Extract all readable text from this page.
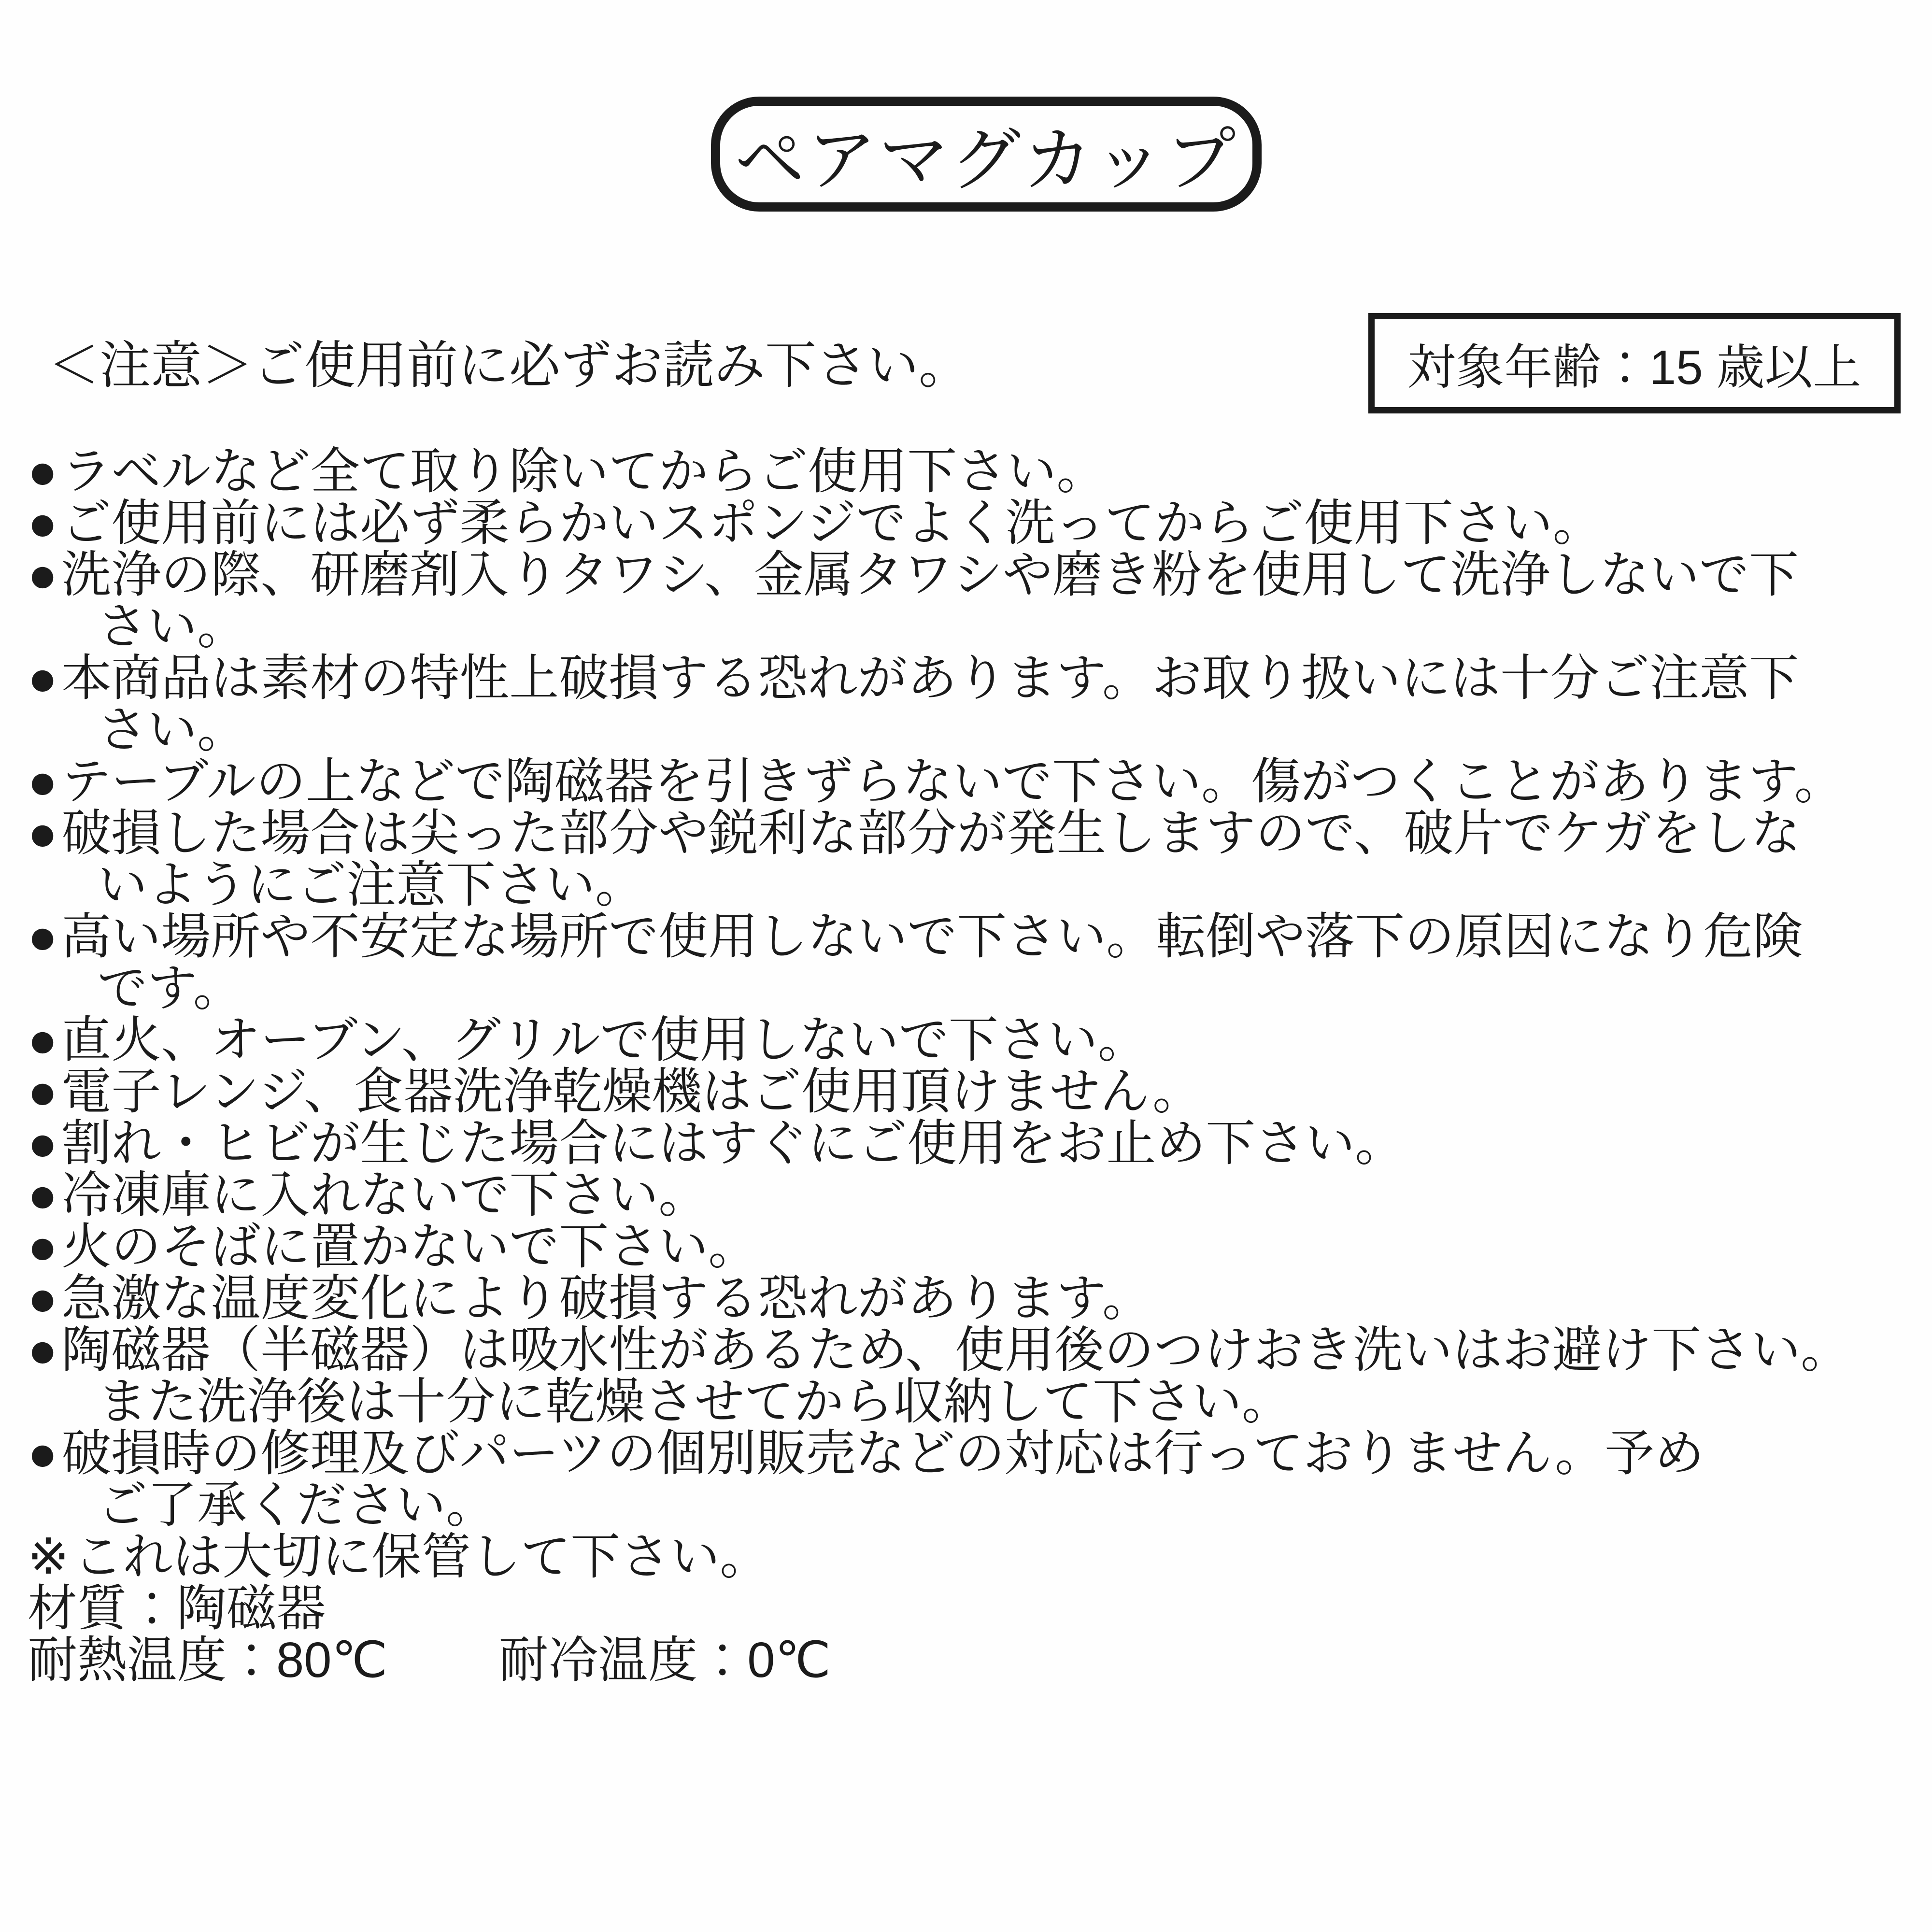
ペアマグカップ
＜注意＞ご使用前に必ずお読み下さい。	対象年齢：15 歳以上
●ラベルなど全て取り除いてからご使用下さい。
●ご使用前には必ず柔らかいスポンジでよく洗ってからご使用下さい。
●洗浄の際、研磨剤入りタワシ、金属タワシや磨き粉を使用して洗浄しないで下
さい。
●本商品は素材の特性上破損する恐れがあります。お取り扱いには十分ご注意下
さい。
●テーブルの上などで陶磁器を引きずらないで下さい。傷がつくことがあります。
●破損した場合は尖った部分や鋭利な部分が発生しますので、破片でケガをしな
いようにご注意下さい。
●高い場所や不安定な場所で使用しないで下さい。転倒や落下の原因になり危険
です。
●直火、オーブン、グリルで使用しないで下さい。
●電子レンジ、食器洗浄乾燥機はご使用頂けません。
●割れ・ヒビが生じた場合にはすぐにご使用をお止め下さい。
●冷凍庫に入れないで下さい。
●火のそばに置かないで下さい。
●急激な温度変化により破損する恐れがあります。
●陶磁器（半磁器）は吸水性があるため、使用後のつけおき洗いはお避け下さい。
また洗浄後は十分に乾燥させてから収納して下さい。
●破損時の修理及びパーツの個別販売などの対応は行っておりません。予め
ご了承ください。
※これは大切に保管して下さい。
材質：陶磁器
耐熱温度：80℃ 耐冷温度：0℃
